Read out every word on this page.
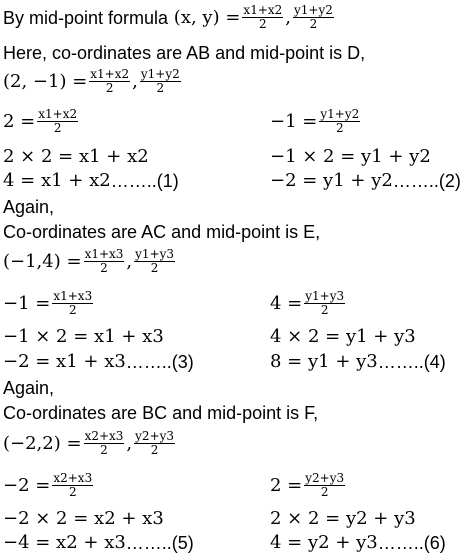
By mid-point formula
(x, $y) = \frac{x1+x2}{2}$ , $\frac{y1+y2}{2}$
Here, co-ordinates are AB and mid-point is D,
(2, $-1) = \frac{x1+x2}{2}$ , $\frac{y1+y2}{2}$
$2 = \frac{x1+x2}{2}$	$-1 = \frac{y1+y2}{2}$
2 × 2 = x1 + x2	−1 × 2 = y1 + y2
4 = x1 + x2 ……..(1)	−2 = y1 + y2 ……..(2)
Again,
Co-ordinates are AC and mid-point is E,
$(-1,4) = \frac{x1+x3}{2}$ , $\frac{y1+y3}{2}$
$-1 = \frac{x1+x3}{2}$	$4 = \frac{y1+y3}{2}$
−1 × 2 = x1 + x3	4 × 2 = y1 + y3
−2 = x1 + x3 ……..(3)	8 = y1 + y3 ……..(4)
Again,
Co-ordinates are BC and mid-point is F,
$(-2,2) = \frac{x2+x3}{2}$ , $\frac{y2+y3}{2}$
$-2 = \frac{x2+x3}{2}$	$2 = \frac{y2+y3}{2}$
−2 × 2 = x2 + x3	2 × 2 = y2 + y3
−4 = x2 + x3 ……..(5)	4 = y2 + y3 ……..(6)
